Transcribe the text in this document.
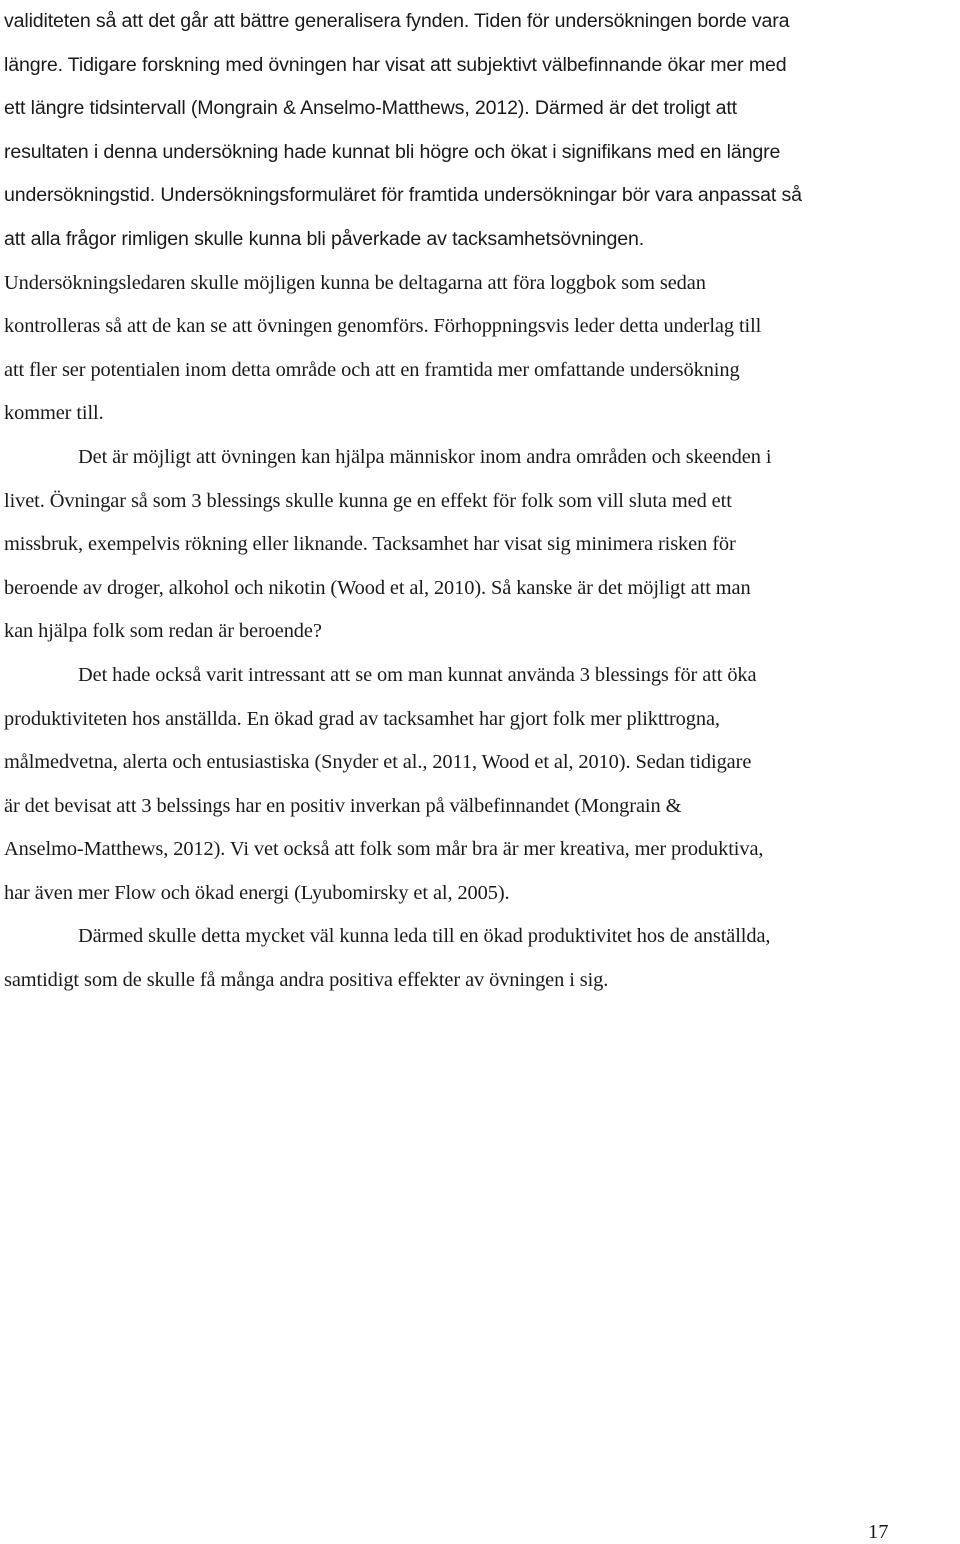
validiteten så att det går att bättre generalisera fynden. Tiden för undersökningen borde vara
längre. Tidigare forskning med övningen har visat att subjektivt välbefinnande ökar mer med
ett längre tidsintervall (Mongrain & Anselmo-Matthews, 2012). Därmed är det troligt att
resultaten i denna undersökning hade kunnat bli högre och ökat i signifikans med en längre
undersökningstid. Undersökningsformuläret för framtida undersökningar bör vara anpassat så
att alla frågor rimligen skulle kunna bli påverkade av tacksamhetsövningen.
Undersökningsledaren skulle möjligen kunna be deltagarna att föra loggbok som sedan
kontrolleras så att de kan se att övningen genomförs. Förhoppningsvis leder detta underlag till
att fler ser potentialen inom detta område och att en framtida mer omfattande undersökning
kommer till.
Det är möjligt att övningen kan hjälpa människor inom andra områden och skeenden i
livet. Övningar så som 3 blessings skulle kunna ge en effekt för folk som vill sluta med ett
missbruk, exempelvis rökning eller liknande. Tacksamhet har visat sig minimera risken för
beroende av droger, alkohol och nikotin (Wood et al, 2010). Så kanske är det möjligt att man
kan hjälpa folk som redan är beroende?
Det hade också varit intressant att se om man kunnat använda 3 blessings för att öka
produktiviteten hos anställda. En ökad grad av tacksamhet har gjort folk mer plikttrogna,
målmedvetna, alerta och entusiastiska (Snyder et al., 2011, Wood et al, 2010). Sedan tidigare
är det bevisat att 3 belssings har en positiv inverkan på välbefinnandet (Mongrain &
Anselmo-Matthews, 2012). Vi vet också att folk som mår bra är mer kreativa, mer produktiva,
har även mer Flow och ökad energi (Lyubomirsky et al, 2005).
Därmed skulle detta mycket väl kunna leda till en ökad produktivitet hos de anställda,
samtidigt som de skulle få många andra positiva effekter av övningen i sig.
17
